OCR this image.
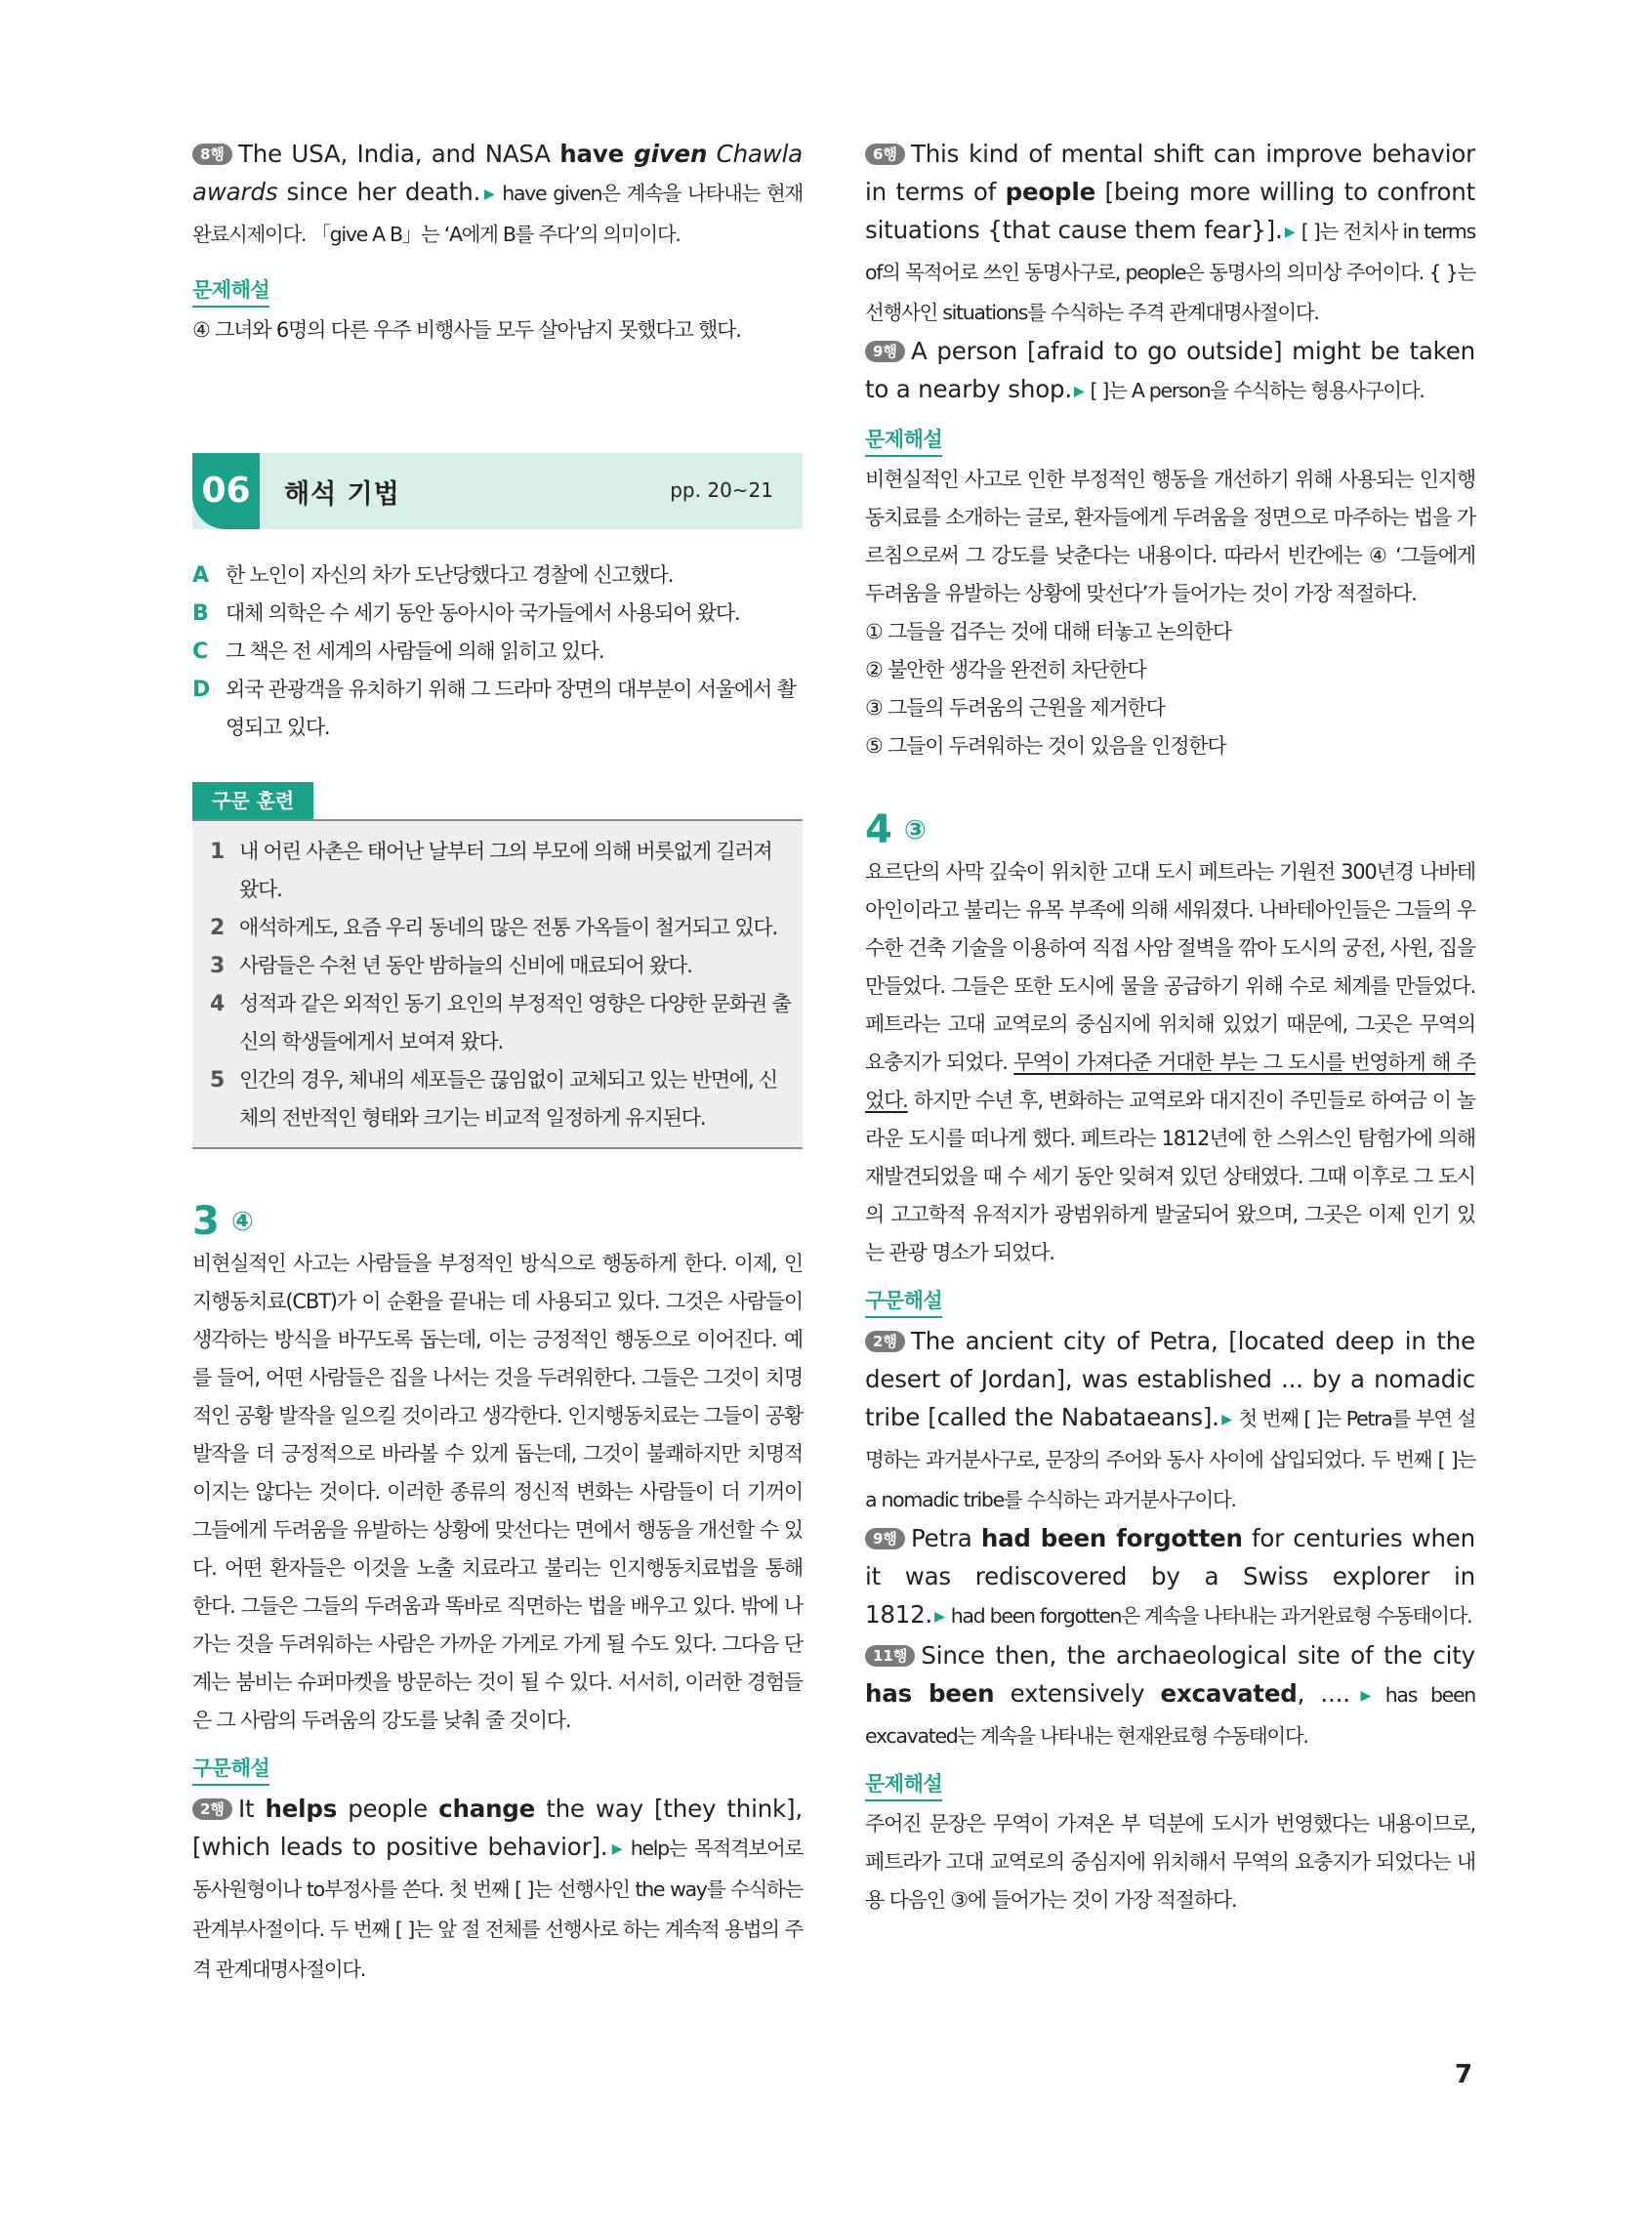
8행 The USA, India, and NASA have given Chawla awards since her death. ▶ have given은 계속을 나타내는 현재완료시제이다. 「give A B」는 ‘A에게 B를 주다’의 의미이다.

문제해설

④ 그녀와 6명의 다른 우주 비행사들 모두 살아남지 못했다고 했다.

06	해석 기법	pp. 20~21
A 한 노인이 자신의 차가 도난당했다고 경찰에 신고했다.
B 대체 의학은 수 세기 동안 동아시아 국가들에서 사용되어 왔다.
C 그 책은 전 세계의 사람들에 의해 읽히고 있다.
D 외국 관광객을 유치하기 위해 그 드라마 장면의 대부분이 서울에서 촬영되고 있다.
구문 훈련
1 내 어린 사촌은 태어난 날부터 그의 부모에 의해 버릇없게 길러져 왔다.
2 애석하게도, 요즘 우리 동네의 많은 전통 가옥들이 철거되고 있다.
3 사람들은 수천 년 동안 밤하늘의 신비에 매료되어 왔다.
4 성적과 같은 외적인 동기 요인의 부정적인 영향은 다양한 문화권 출신의 학생들에게서 보여져 왔다.
5 인간의 경우, 체내의 세포들은 끊임없이 교체되고 있는 반면에, 신체의 전반적인 형태와 크기는 비교적 일정하게 유지된다.
3 ④

비현실적인 사고는 사람들을 부정적인 방식으로 행동하게 한다. 이제, 인지행동치료(CBT)가 이 순환을 끝내는 데 사용되고 있다. 그것은 사람들이 생각하는 방식을 바꾸도록 돕는데, 이는 긍정적인 행동으로 이어진다. 예를 들어, 어떤 사람들은 집을 나서는 것을 두려워한다. 그들은 그것이 치명적인 공황 발작을 일으킬 것이라고 생각한다. 인지행동치료는 그들이 공황 발작을 더 긍정적으로 바라볼 수 있게 돕는데, 그것이 불쾌하지만 치명적이지는 않다는 것이다. 이러한 종류의 정신적 변화는 사람들이 더 기꺼이 그들에게 두려움을 유발하는 상황에 맞선다는 면에서 행동을 개선할 수 있다. 어떤 환자들은 이것을 노출 치료라고 불리는 인지행동치료법을 통해 한다. 그들은 그들의 두려움과 똑바로 직면하는 법을 배우고 있다. 밖에 나가는 것을 두려워하는 사람은 가까운 가게로 가게 될 수도 있다. 그다음 단계는 붐비는 슈퍼마켓을 방문하는 것이 될 수 있다. 서서히, 이러한 경험들은 그 사람의 두려움의 강도를 낮춰 줄 것이다.

구문해설

2행 It helps people change the way [they think], [which leads to positive behavior]. ▶ help는 목적격보어로 동사원형이나 to부정사를 쓴다. 첫 번째 [ ]는 선행사인 the way를 수식하는 관계부사절이다. 두 번째 [ ]는 앞 절 전체를 선행사로 하는 계속적 용법의 주격 관계대명사절이다.

6행 This kind of mental shift can improve behavior in terms of people [being more willing to confront situations {that cause them fear}]. ▶ [ ]는 전치사 in terms of의 목적어로 쓰인 동명사구로, people은 동명사의 의미상 주어이다. { }는 선행사인 situations를 수식하는 주격 관계대명사절이다.

9행 A person [afraid to go outside] might be taken to a nearby shop. ▶ [ ]는 A person을 수식하는 형용사구이다.

문제해설

비현실적인 사고로 인한 부정적인 행동을 개선하기 위해 사용되는 인지행동치료를 소개하는 글로, 환자들에게 두려움을 정면으로 마주하는 법을 가르침으로써 그 강도를 낮춘다는 내용이다. 따라서 빈칸에는 ④ ‘그들에게 두려움을 유발하는 상황에 맞선다’가 들어가는 것이 가장 적절하다.

① 그들을 겁주는 것에 대해 터놓고 논의한다

② 불안한 생각을 완전히 차단한다

③ 그들의 두려움의 근원을 제거한다

⑤ 그들이 두려워하는 것이 있음을 인정한다

4 ③

요르단의 사막 깊숙이 위치한 고대 도시 페트라는 기원전 300년경 나바테아인이라고 불리는 유목 부족에 의해 세워졌다. 나바테아인들은 그들의 우수한 건축 기술을 이용하여 직접 사암 절벽을 깎아 도시의 궁전, 사원, 집을 만들었다. 그들은 또한 도시에 물을 공급하기 위해 수로 체계를 만들었다. 페트라는 고대 교역로의 중심지에 위치해 있었기 때문에, 그곳은 무역의 요충지가 되었다. 무역이 가져다준 거대한 부는 그 도시를 번영하게 해 주었다. 하지만 수년 후, 변화하는 교역로와 대지진이 주민들로 하여금 이 놀라운 도시를 떠나게 했다. 페트라는 1812년에 한 스위스인 탐험가에 의해 재발견되었을 때 수 세기 동안 잊혀져 있던 상태였다. 그때 이후로 그 도시의 고고학적 유적지가 광범위하게 발굴되어 왔으며, 그곳은 이제 인기 있는 관광 명소가 되었다.

구문해설

2행 The ancient city of Petra, [located deep in the desert of Jordan], was established ... by a nomadic tribe [called the Nabataeans]. ▶ 첫 번째 [ ]는 Petra를 부연 설명하는 과거분사구로, 문장의 주어와 동사 사이에 삽입되었다. 두 번째 [ ]는 a nomadic tribe를 수식하는 과거분사구이다.

9행 Petra had been forgotten for centuries when it was rediscovered by a Swiss explorer in 1812. ▶ had been forgotten은 계속을 나타내는 과거완료형 수동태이다.

11행 Since then, the archaeological site of the city has been extensively excavated, .... ▶ has been excavated는 계속을 나타내는 현재완료형 수동태이다.

문제해설

주어진 문장은 무역이 가져온 부 덕분에 도시가 번영했다는 내용이므로, 페트라가 고대 교역로의 중심지에 위치해서 무역의 요충지가 되었다는 내용 다음인 ③에 들어가는 것이 가장 적절하다.

7
